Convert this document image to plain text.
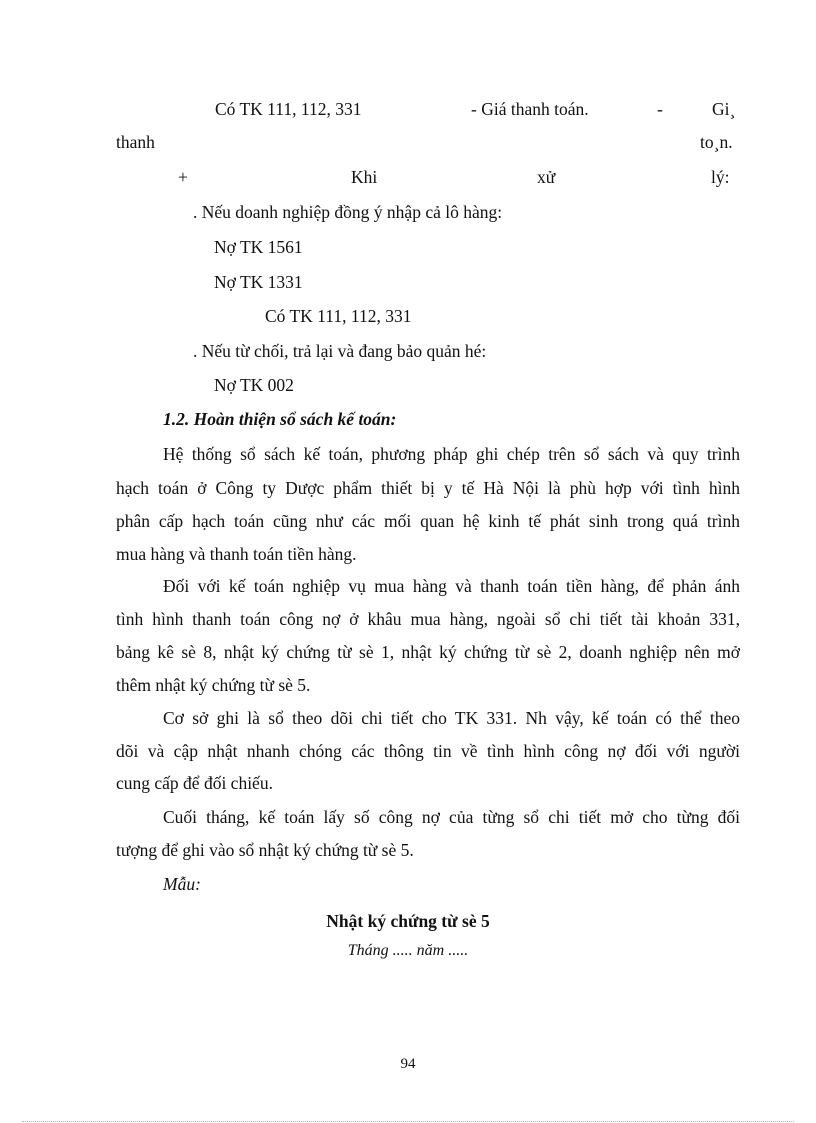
Có TK 111, 112, 331	- Giá thanh toán.	-	Gi¸
thanh	to¸n.
+	Khi	xử	lý:
. Nếu doanh nghiệp đồng ý nhập cả lô hàng:
Nợ TK 1561
Nợ TK 1331
Có TK 111, 112, 331
. Nếu từ chối, trả lại và đang bảo quản hé:
Nợ TK 002
1.2. Hoàn thiện sổ sách kế toán:
Hệ thống sổ sách kế toán, phương pháp ghi chép trên sổ sách và quy trình
hạch toán ở Công ty Dược phẩm thiết bị y tế Hà Nội là phù hợp với tình hình
phân cấp hạch toán cũng như các mối quan hệ kinh tế phát sinh trong quá trình
mua hàng và thanh toán tiền hàng.
Đối với kế toán nghiệp vụ mua hàng và thanh toán tiền hàng, để phản ánh
tình hình thanh toán công nợ ở khâu mua hàng, ngoài sổ chi tiết tài khoản 331,
bảng kê sè 8, nhật ký chứng từ sè 1, nhật ký chứng từ sè 2, doanh nghiệp nên mở
thêm nhật ký chứng từ sè 5.
Cơ sở ghi là sổ theo dõi chi tiết cho TK 331. Nh vậy, kế toán có thể theo
dõi và cập nhật nhanh chóng các thông tin về tình hình công nợ đối với người
cung cấp để đối chiếu.
Cuối tháng, kế toán lấy số công nợ của từng sổ chi tiết mở cho từng đối
tượng để ghi vào sổ nhật ký chứng từ sè 5.
Mẫu:
Nhật ký chứng từ sè 5
Tháng ..... năm .....
94
